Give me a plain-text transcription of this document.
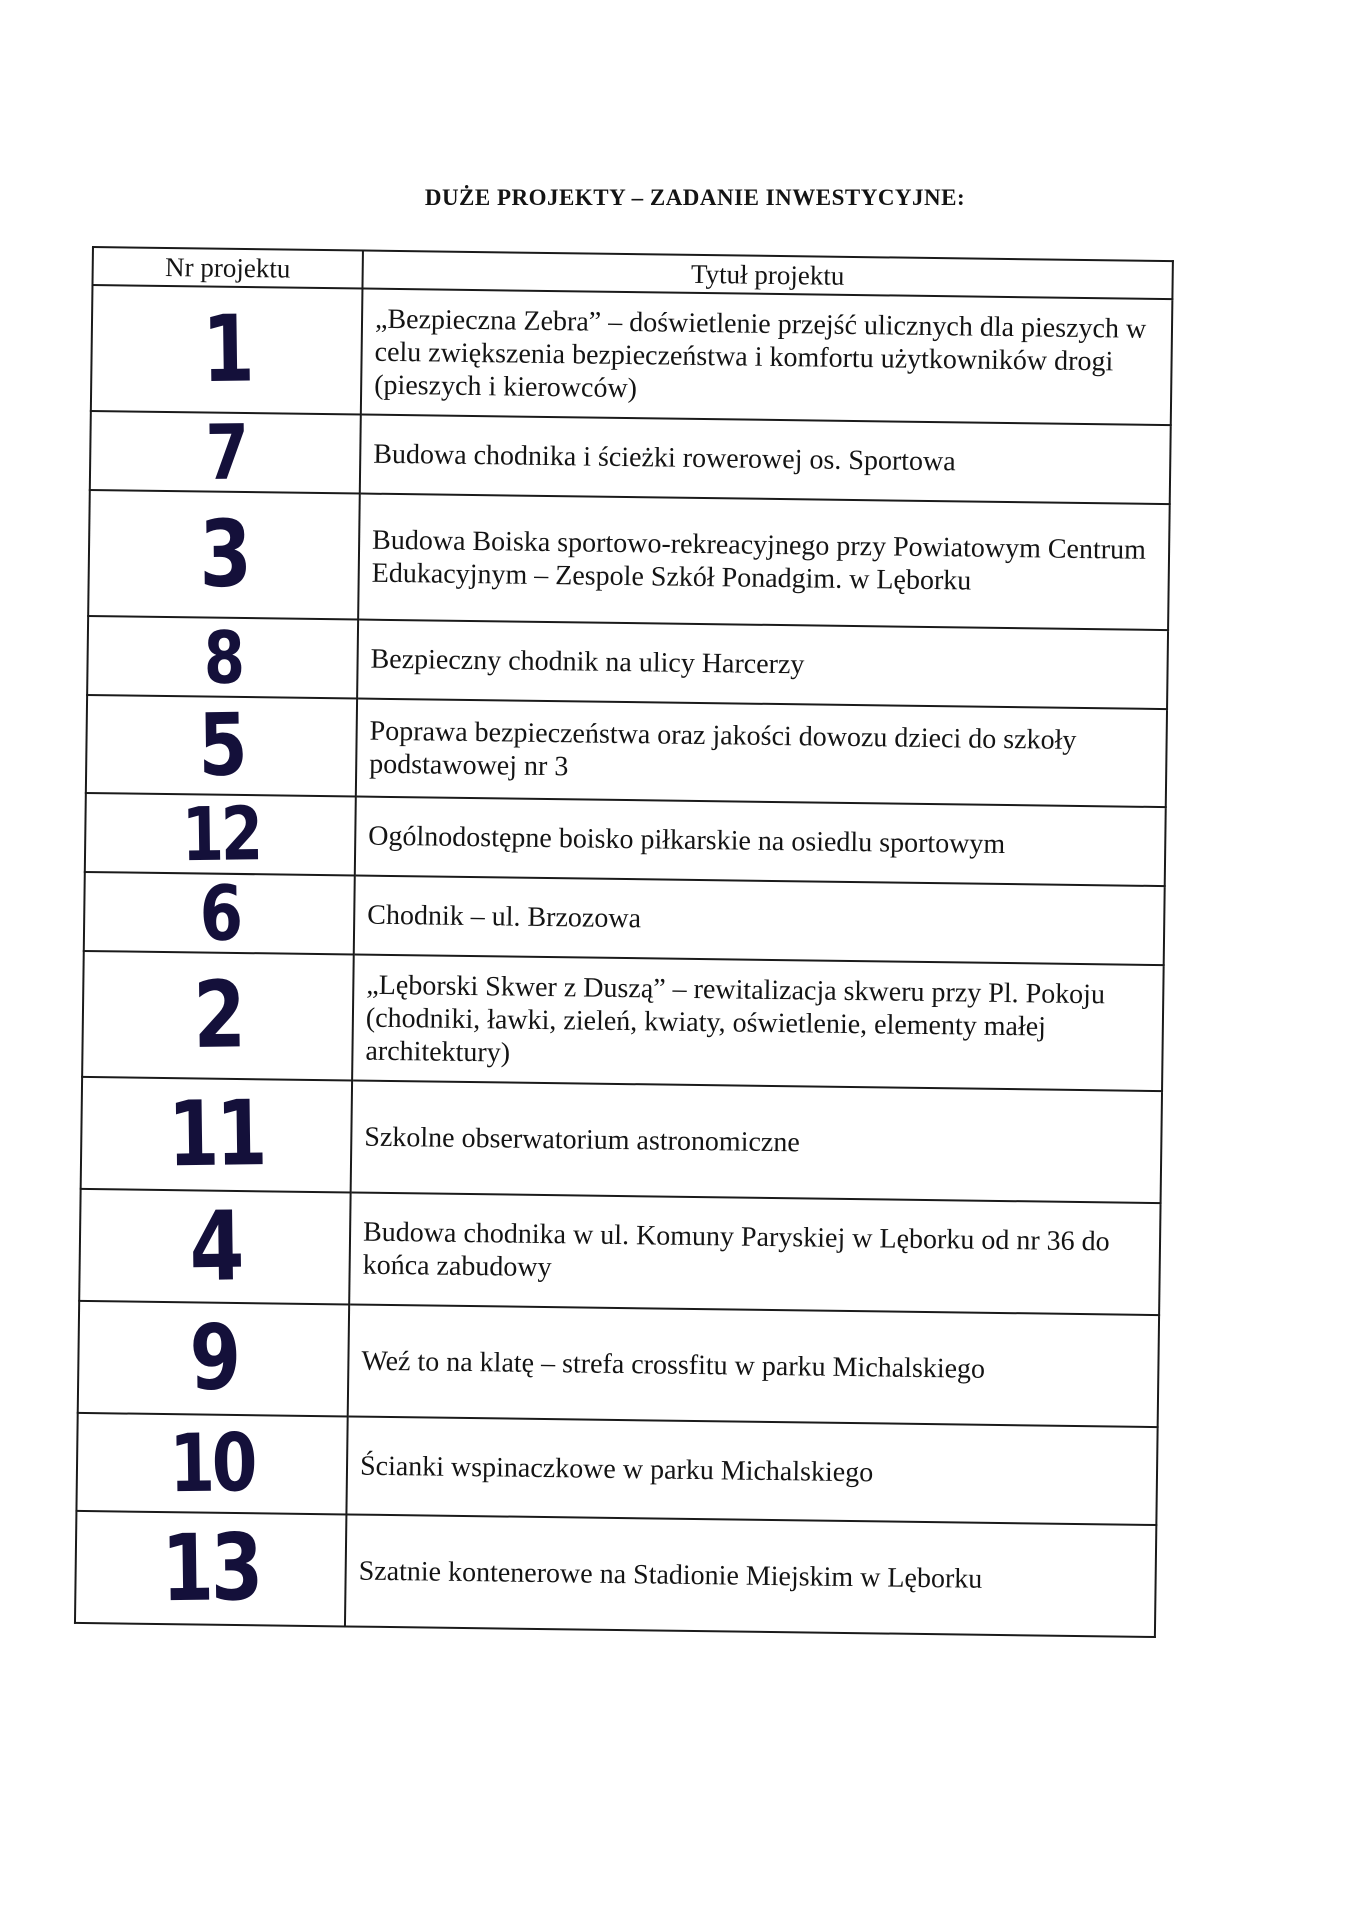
DUŻE PROJEKTY – ZADANIE INWESTYCYJNE:
Nr projektu	Tytuł projektu
1	„Bezpieczna Zebra” – doświetlenie przejść ulicznych dla pieszych w celu zwiększenia bezpieczeństwa i komfortu użytkowników drogi (pieszych i kierowców)
7	Budowa chodnika i ścieżki rowerowej os. Sportowa
3	Budowa Boiska sportowo-rekreacyjnego przy Powiatowym Centrum Edukacyjnym – Zespole Szkół Ponadgim. w Lęborku
8	Bezpieczny chodnik na ulicy Harcerzy
5	Poprawa bezpieczeństwa oraz jakości dowozu dzieci do szkoły podstawowej nr 3
12	Ogólnodostępne boisko piłkarskie na osiedlu sportowym
6	Chodnik – ul. Brzozowa
2	„Lęborski Skwer z Duszą” – rewitalizacja skweru przy Pl. Pokoju (chodniki, ławki, zieleń, kwiaty, oświetlenie, elementy małej architektury)
11	Szkolne obserwatorium astronomiczne
4	Budowa chodnika w ul. Komuny Paryskiej w Lęborku od nr 36 do końca zabudowy
9	Weź to na klatę – strefa crossfitu w parku Michalskiego
10	Ścianki wspinaczkowe w parku Michalskiego
13	Szatnie kontenerowe na Stadionie Miejskim w Lęborku
